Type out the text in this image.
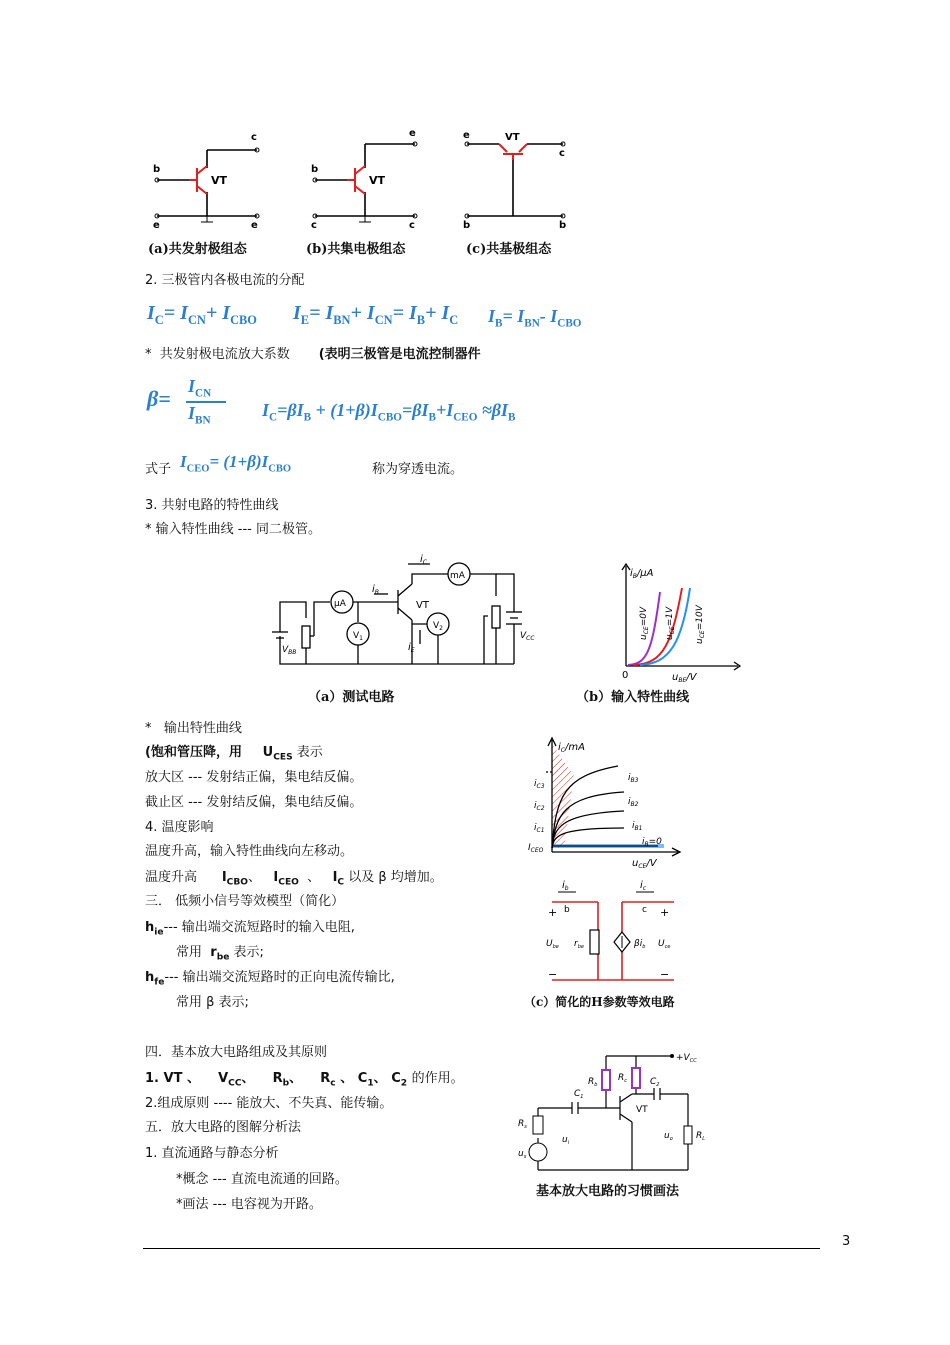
c
b
VT
e	e
e
b
VT
c	c
VT
e
c
b	b
(a)共发射极组态	(b)共集电极组态	(c)共基极组态
2. 三极管内各极电流的分配
$I_C= I_{CN}+ I_{CBO}$ $I_E= I_{BN}+ I_{CN}= I_B+ I_C$ $I_B= I_{BN}-$ $I_{CBO}$
* 共发射极电流放大系数 (表明三极管是电流控制器件
$\beta= I_{CN}$
$I_{BN}$
$I_C=\beta I_B + (1+\beta)I_{CBO}=\beta I_B+I_{CEO} \approx\beta I_B$
式子 $I_{CEO}= (1+\beta)I_{CBO}$	称为穿透电流。
3. 共射电路的特性曲线
* 输入特性曲线 --- 同二极管。
μA
mA
$V_1$
$V_2$
VT
$i_C$
$i_B$
$i_E$
$V_{BB}$
$V_{CC}$
$i_B/\mu A$
$u_{BE}/V$
0
$u_{CE}=0V$
$u_{CE}=1V$
$u_{CE}=10V$
（a）测试电路	（b）输入特性曲线
* 输出特性曲线
(饱和管压降，用 $U_{CES}$ 表示
放大区 --- 发射结正偏，集电结反偏。
截止区 --- 发射结反偏，集电结反偏。
$i_C/mA$
$u_{CE}/V$
$i_{B3}$
$i_{B2}$
$i_{B1}$
$i_B=0$
$i_{C3}$
$i_{C2}$
$i_{C1}$
$I_{CEO}$
4. 温度影响
温度升高，输入特性曲线向左移动。
温度升高 $I_{CBO}$、 $I_{CEO}$ 、 $I_C$ 以及 β 均增加。
三． 低频小信号等效模型（简化）
$h_{ie}---$ 输出端交流短路时的输入电阻,
常用 $r_{be}$ 表示;
$h_{fe}---$ 输出端交流短路时的正向电流传输比,
常用 β 表示;
$i_b$	$i_c$
b	c
+	+
−	−
$U_{be}$ $r_{be}$	$\beta i_b$ $U_{ce}$
（c）简化的H参数等效电路
四．基本放大电路组成及其原则
1. VT 、 $V_{CC}$、 $R_b$、 $R_c$ 、 $C_1$、 $C_2$ 的作用。
2.组成原则 ---- 能放大、不失真、能传输。
五．放大电路的图解分析法
1. 直流通路与静态分析
*概念 --- 直流电流通的回路。
*画法 --- 电容视为开路。
$+V_{CC}$
$R_b$
$R_c$
$C_1$
$C_2$
VT
$R_s$
$u_s$
$u_i$
$u_o$	$R_L$
基本放大电路的习惯画法
3
